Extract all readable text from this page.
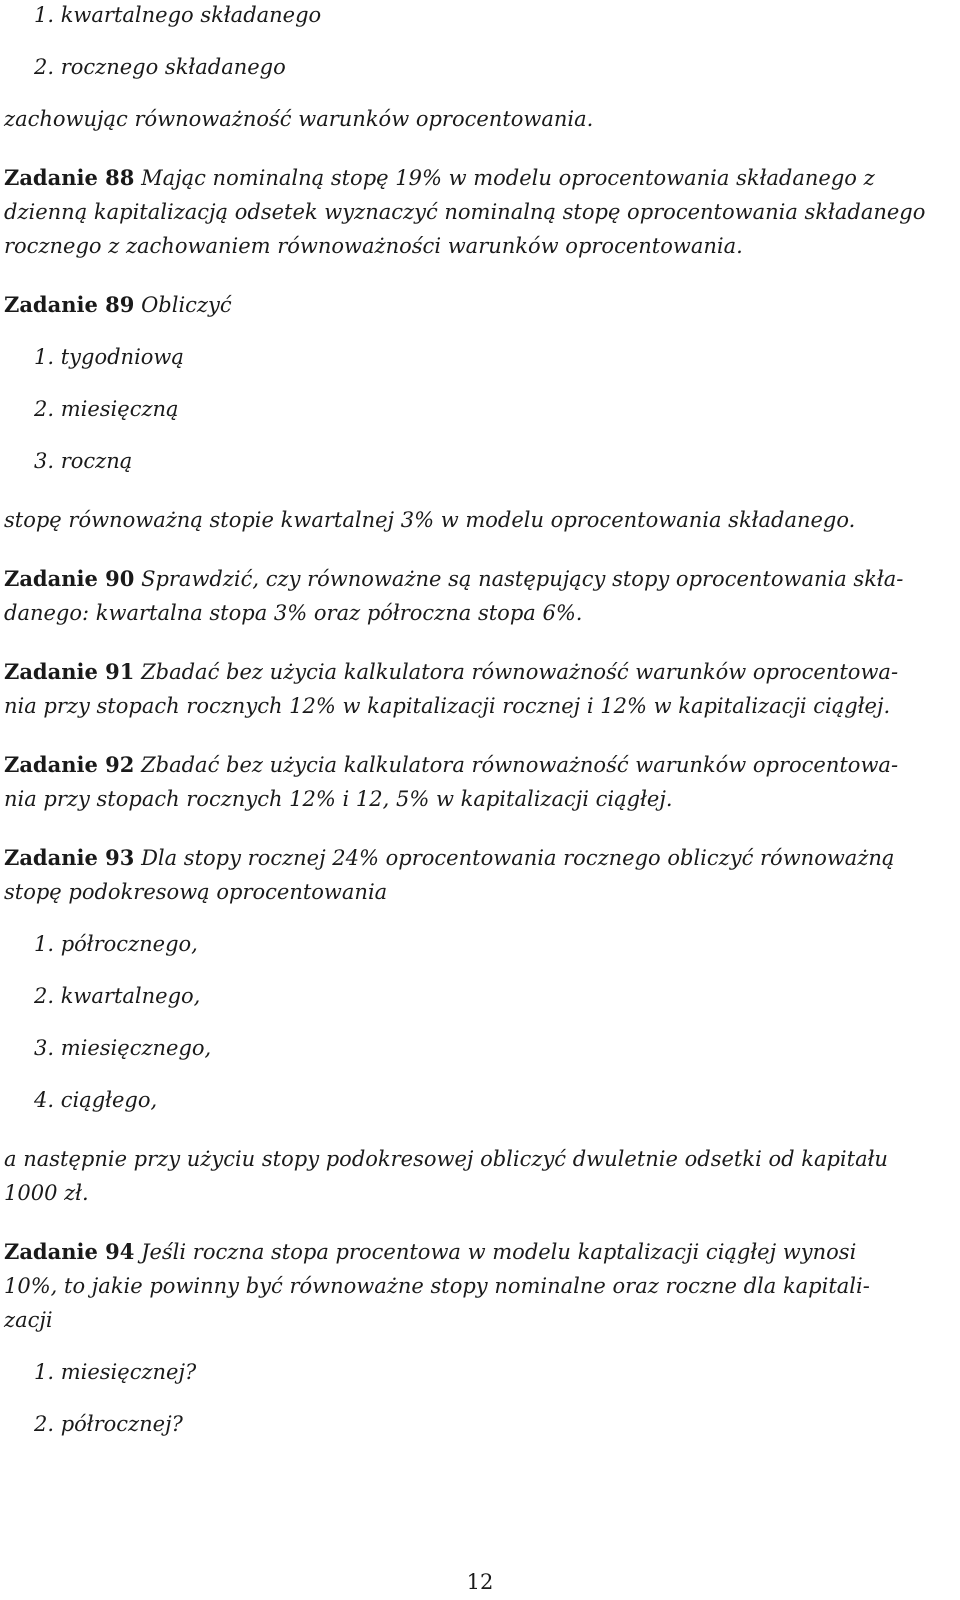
1. kwartalnego składanego
2. rocznego składanego
zachowując równoważność warunków oprocentowania.
Zadanie 88 Mając nominalną stopę 19% w modelu oprocentowania składanego z
dzienną kapitalizacją odsetek wyznaczyć nominalną stopę oprocentowania składanego
rocznego z zachowaniem równoważności warunków oprocentowania.
Zadanie 89 Obliczyć
1. tygodniową
2. miesięczną
3. roczną
stopę równoważną stopie kwartalnej 3% w modelu oprocentowania składanego.
Zadanie 90 Sprawdzić, czy równoważne są następujący stopy oprocentowania skła-
danego: kwartalna stopa 3% oraz półroczna stopa 6%.
Zadanie 91 Zbadać bez użycia kalkulatora równoważność warunków oprocentowa-
nia przy stopach rocznych 12% w kapitalizacji rocznej i 12% w kapitalizacji ciągłej.
Zadanie 92 Zbadać bez użycia kalkulatora równoważność warunków oprocentowa-
nia przy stopach rocznych 12% i 12, 5% w kapitalizacji ciągłej.
Zadanie 93 Dla stopy rocznej 24% oprocentowania rocznego obliczyć równoważną
stopę podokresową oprocentowania
1. półrocznego,
2. kwartalnego,
3. miesięcznego,
4. ciągłego,
a następnie przy użyciu stopy podokresowej obliczyć dwuletnie odsetki od kapitału
1000 zł.
Zadanie 94 Jeśli roczna stopa procentowa w modelu kaptalizacji ciągłej wynosi
10%, to jakie powinny być równoważne stopy nominalne oraz roczne dla kapitali-
zacji
1. miesięcznej?
2. półrocznej?
12
